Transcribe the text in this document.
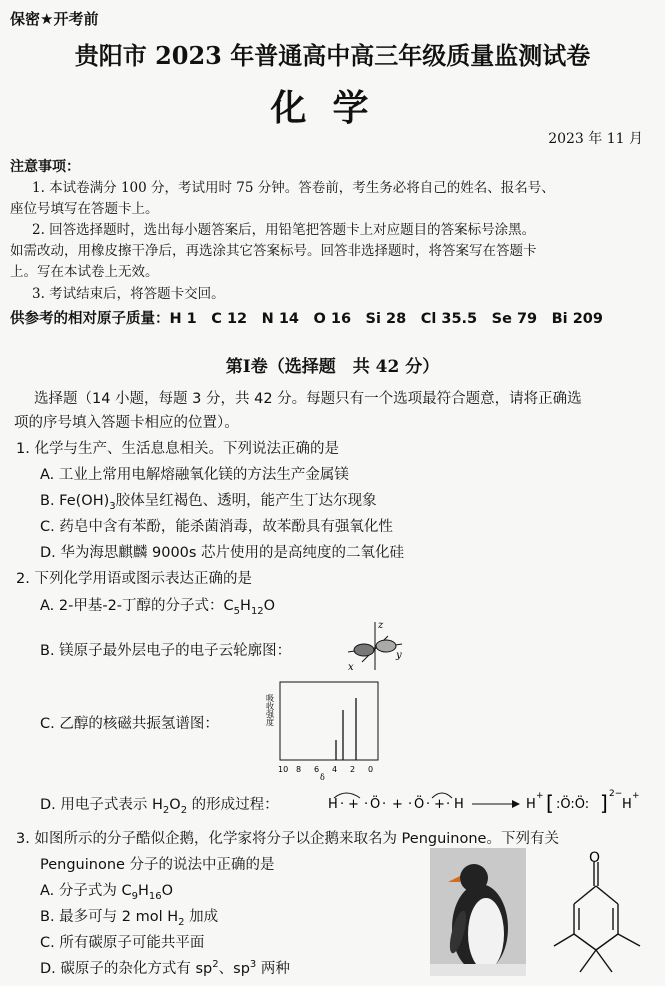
保密★开考前
贵阳市 2023 年普通高中高三年级质量监测试卷
化学
2023 年 11 月
注意事项：
1. 本试卷满分 100 分，考试用时 75 分钟。答卷前，考生务必将自己的姓名、报名号、
座位号填写在答题卡上。
2. 回答选择题时，选出每小题答案后，用铅笔把答题卡上对应题目的答案标号涂黑。
如需改动，用橡皮擦干净后，再选涂其它答案标号。回答非选择题时，将答案写在答题卡
上。写在本试卷上无效。
3. 考试结束后，将答题卡交回。
供参考的相对原子质量：H 1　C 12　N 14　O 16　Si 28　Cl 35.5　Se 79　Bi 209
第Ⅰ卷（选择题　共 42 分）
选择题（14 小题，每题 3 分，共 42 分。每题只有一个选项最符合题意，请将正确选
项的序号填入答题卡相应的位置）。
1. 化学与生产、生活息息相关。下列说法正确的是
A. 工业上常用电解熔融氧化镁的方法生产金属镁
B. $Fe(OH)_3$胶体呈红褐色、透明，能产生丁达尔现象
C. 药皂中含有苯酚，能杀菌消毒，故苯酚具有强氧化性
D. 华为海思麒麟 9000s 芯片使用的是高纯度的二氧化硅
2. 下列化学用语或图示表达正确的是
A. 2-甲基-2-丁醇的分子式：$C_5H_{12}O$
B. 镁原子最外层电子的电子云轮廓图：
z
x
y
C. 乙醇的核磁共振氢谱图：	吸收强度
10 8 6 4 2 0
δ
D. 用电子式表示 $H_2O_2$ 的形成过程：	H · + · Ö · + · Ö · + · H	H
+ [ :Ö:Ö: ] 2−
H
+
3. 如图所示的分子酷似企鹅，化学家将分子以企鹅来取名为 Penguinone。下列有关
Penguinone 分子的说法中正确的是
A. 分子式为 $C_9H_{16}O$
B. 最多可与 2 mol $H_2$ 加成
C. 所有碳原子可能共平面
D. 碳原子的杂化方式有 $sp^2$、$sp^3$ 两种
O
